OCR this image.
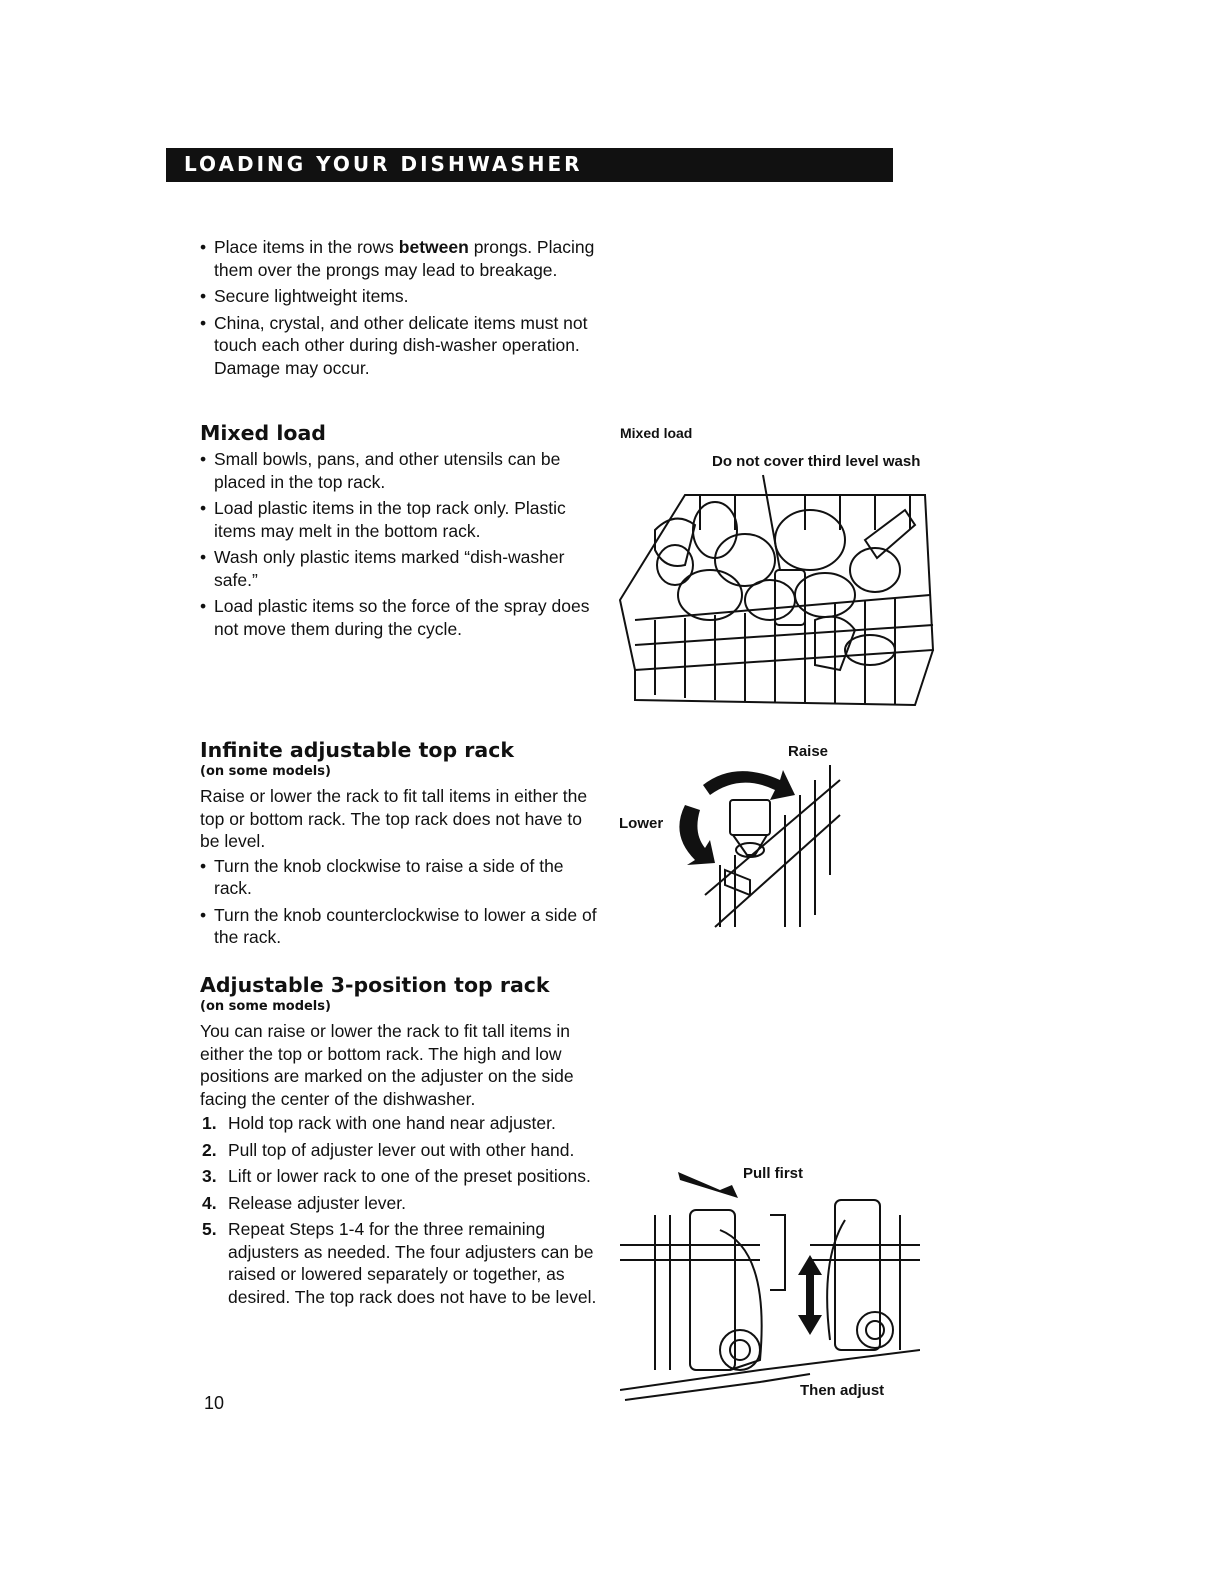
LOADING YOUR DISHWASHER
• Place items in the rows between prongs. Placing them over the prongs may lead to breakage.
• Secure lightweight items.
• China, crystal, and other delicate items must not touch each other during dish-washer operation. Damage may occur.
Mixed load
• Small bowls, pans, and other utensils can be placed in the top rack.
• Load plastic items in the top rack only. Plastic items may melt in the bottom rack.
• Wash only plastic items marked “dish-washer safe.”
• Load plastic items so the force of the spray does not move them during the cycle.
Mixed load
Do not cover third level wash
Infinite adjustable top rack

(on some models)

Raise or lower the rack to fit tall items in either the top or bottom rack. The top rack does not have to be level.

• Turn the knob clockwise to raise a side of the rack.
• Turn the knob counterclockwise to lower a side of the rack.
Raise
Lower
Adjustable 3-position top rack

(on some models)

You can raise or lower the rack to fit tall items in either the top or bottom rack. The high and low positions are marked on the adjuster on the side facing the center of the dishwasher.

1. Hold top rack with one hand near adjuster.
2. Pull top of adjuster lever out with other hand.
3. Lift or lower rack to one of the preset positions.
4. Release adjuster lever.
5. Repeat Steps 1-4 for the three remaining adjusters as needed. The four adjusters can be raised or lowered separately or together, as desired. The top rack does not have to be level.
Pull first
Then adjust
10
